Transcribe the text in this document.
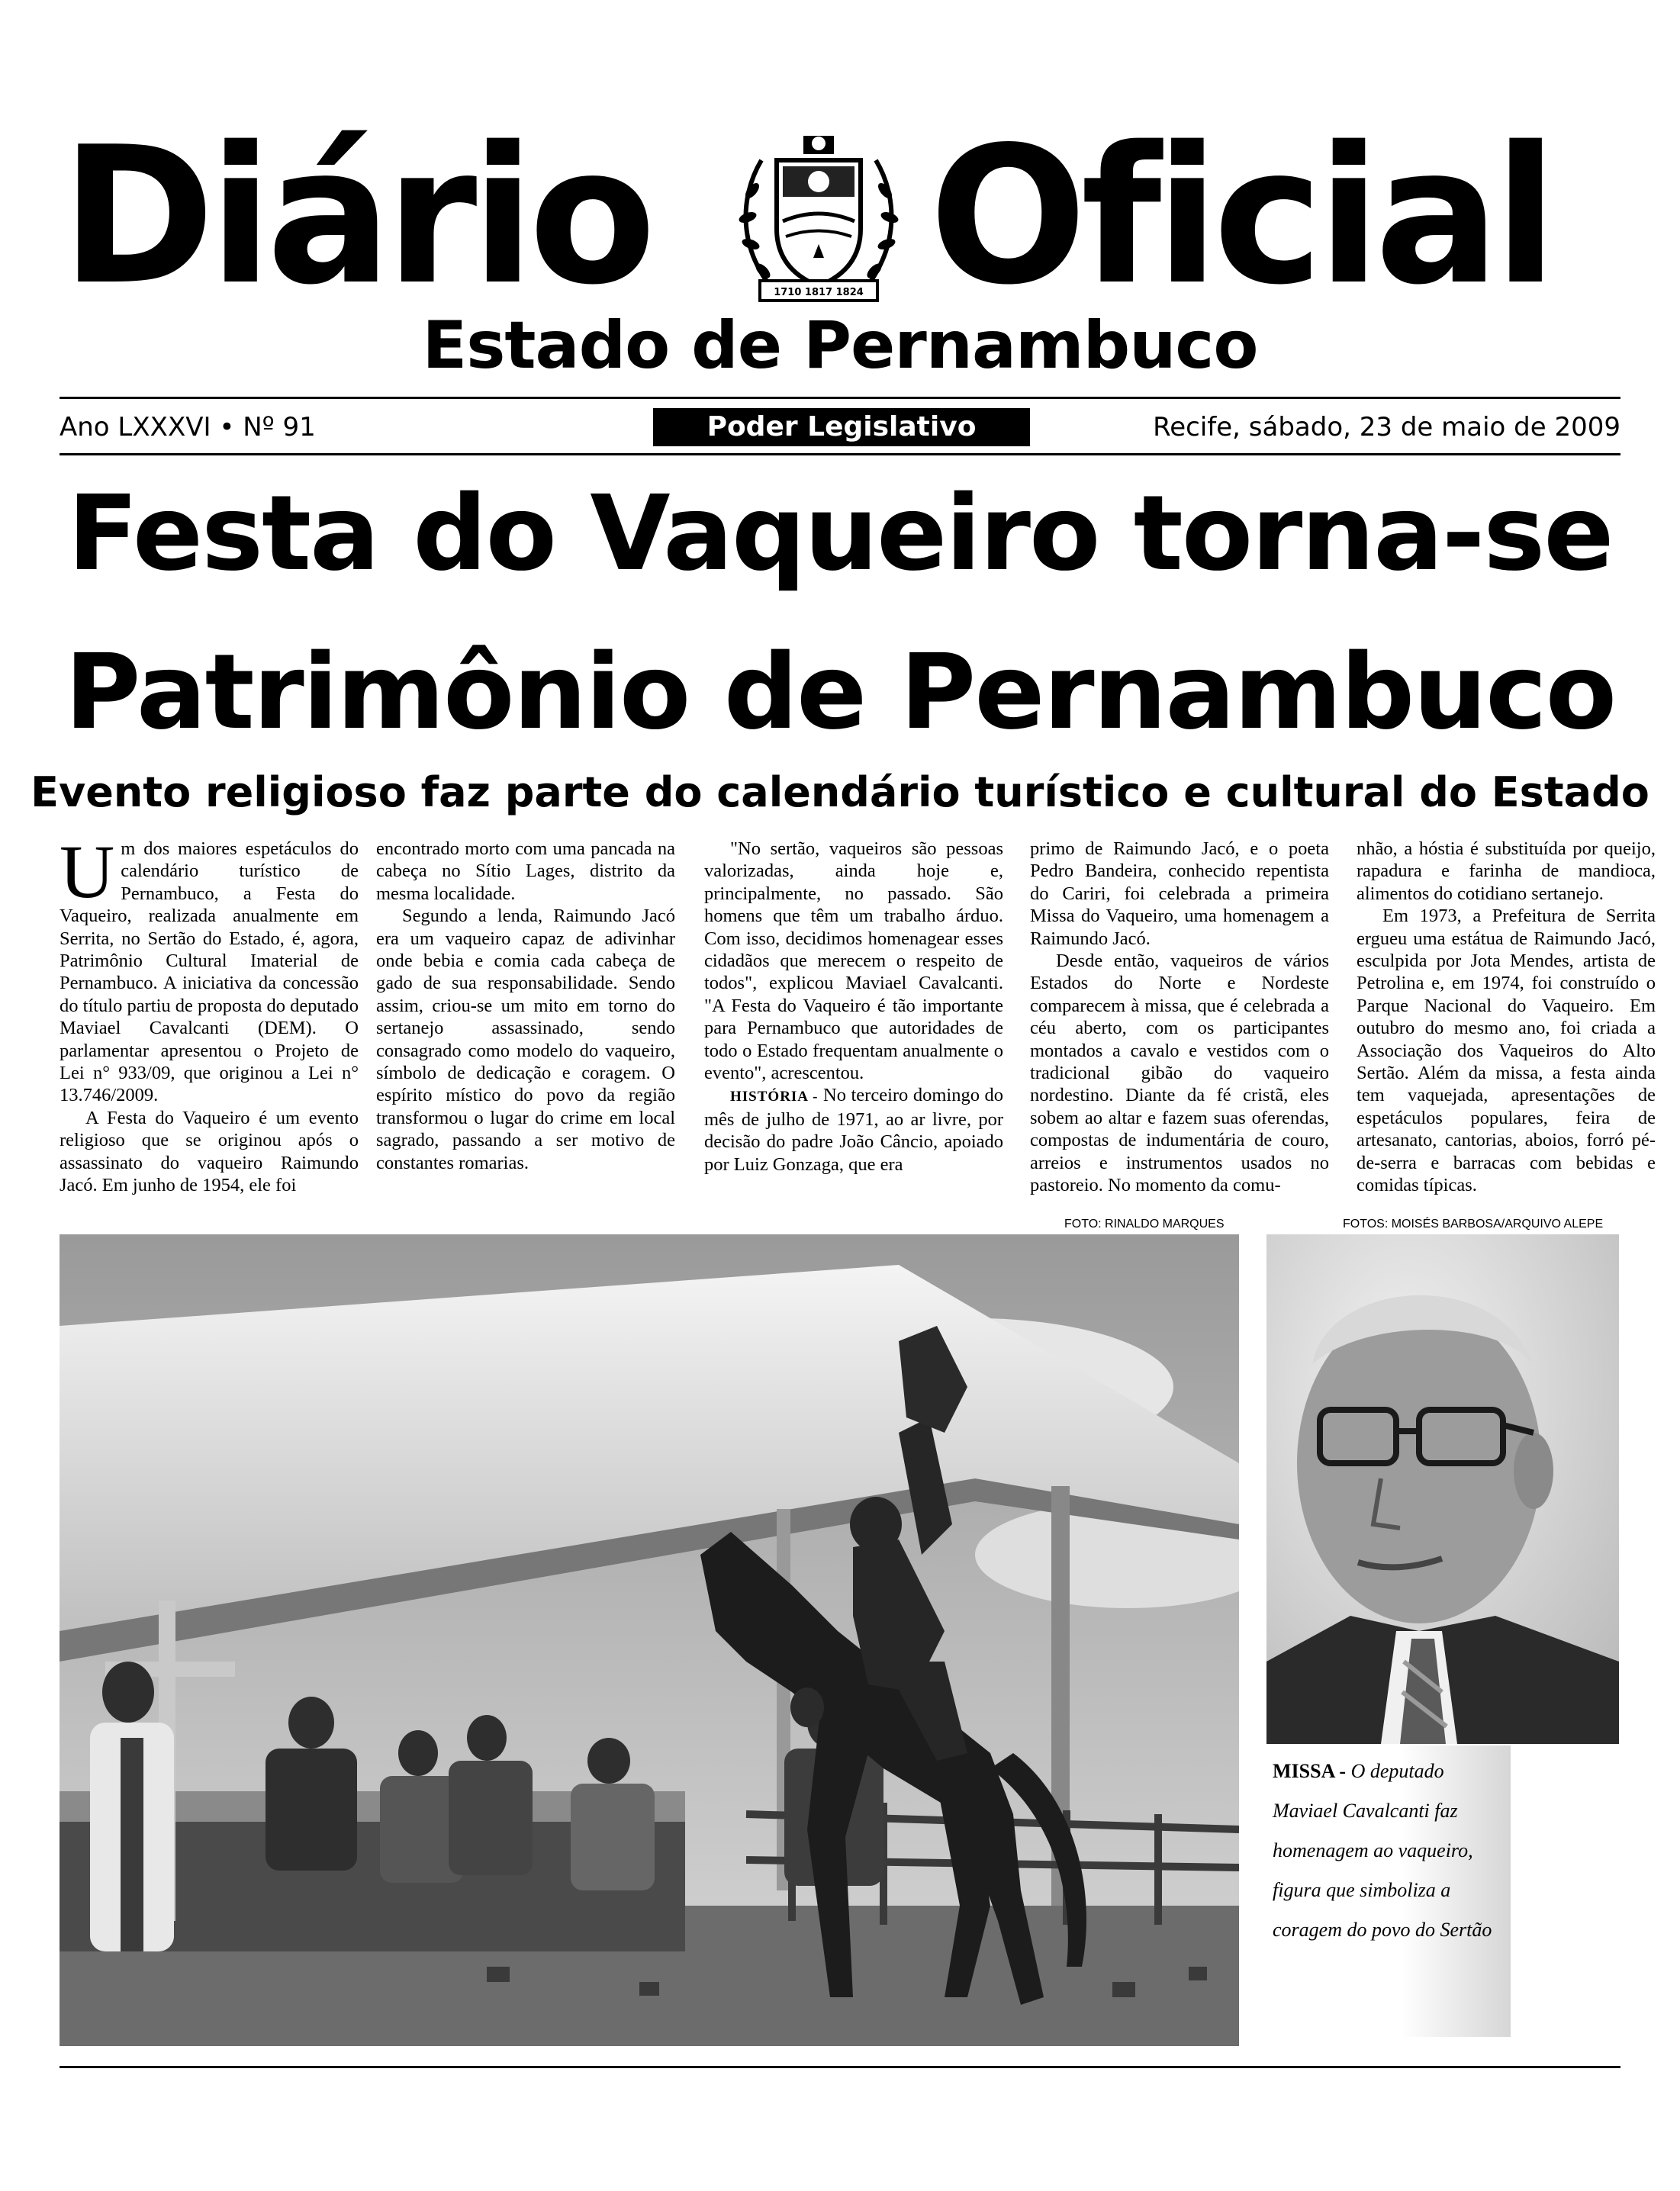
Diário	1710 1817 1824 Oficial
Estado de Pernambuco
Ano LXXXVI • Nº 91	Poder Legislativo	Recife, sábado, 23 de maio de 2009
Festa do Vaqueiro torna-se
Patrimônio de Pernambuco
Evento religioso faz parte do calendário turístico e cultural do Estado

Um dos maiores espetáculos do calendário turístico de Pernambuco, a Festa do Vaqueiro, realizada anualmente em Serrita, no Sertão do Estado, é, agora, Patrimônio Cultural Imaterial de Pernambuco. A iniciativa da concessão do título partiu de proposta do deputado Maviael Cavalcanti (DEM). O parlamentar apresentou o Projeto de Lei n° 933/09, que originou a Lei n° 13.746/2009.

A Festa do Vaqueiro é um evento religioso que se originou após o assassinato do vaqueiro Raimundo Jacó. Em junho de 1954, ele foi

encontrado morto com uma pancada na cabeça no Sítio Lages, distrito da mesma localidade.

Segundo a lenda, Raimundo Jacó era um vaqueiro capaz de adivinhar onde bebia e comia cada cabeça de gado de sua responsabilidade. Sendo assim, criou-se um mito em torno do sertanejo assassinado, sendo consagrado como modelo do vaqueiro, símbolo de dedicação e coragem. O espírito místico do povo da região transformou o lugar do crime em local sagrado, passando a ser motivo de constantes romarias.

"No sertão, vaqueiros são pessoas valorizadas, ainda hoje e, principalmente, no passado. São homens que têm um trabalho árduo. Com isso, decidimos homenagear esses cidadãos que merecem o respeito de todos", explicou Maviael Cavalcanti. "A Festa do Vaqueiro é tão importante para Pernambuco que autoridades de todo o Estado frequentam anualmente o evento", acrescentou.

HISTÓRIA - No terceiro domingo do mês de julho de 1971, ao ar livre, por decisão do padre João Câncio, apoiado por Luiz Gonzaga, que era

primo de Raimundo Jacó, e o poeta Pedro Bandeira, conhecido repentista do Cariri, foi celebrada a primeira Missa do Vaqueiro, uma homenagem a Raimundo Jacó.

Desde então, vaqueiros de vários Estados do Norte e Nordeste comparecem à missa, que é celebrada a céu aberto, com os participantes montados a cavalo e vestidos com o tradicional gibão do vaqueiro nordestino. Diante da fé cristã, eles sobem ao altar e fazem suas oferendas, compostas de indumentária de couro, arreios e instrumentos usados no pastoreio. No momento da comu-

nhão, a hóstia é substituída por queijo, rapadura e farinha de mandioca, alimentos do cotidiano sertanejo.

Em 1973, a Prefeitura de Serrita ergueu uma estátua de Raimundo Jacó, esculpida por Jota Mendes, artista de Petrolina e, em 1974, foi construído o Parque Nacional do Vaqueiro. Em outubro do mesmo ano, foi criada a Associação dos Vaqueiros do Alto Sertão. Além da missa, a festa ainda tem vaquejada, apresentações de espetáculos populares, feira de artesanato, cantorias, aboios, forró pé-de-serra e barracas com bebidas e comidas típicas.

FOTO: RINALDO MARQUES	FOTOS: MOISÉS BARBOSA/ARQUIVO ALEPE
MISSA - O deputado Maviael Cavalcanti faz homenagem ao vaqueiro, figura que simboliza a coragem do povo do Sertão
